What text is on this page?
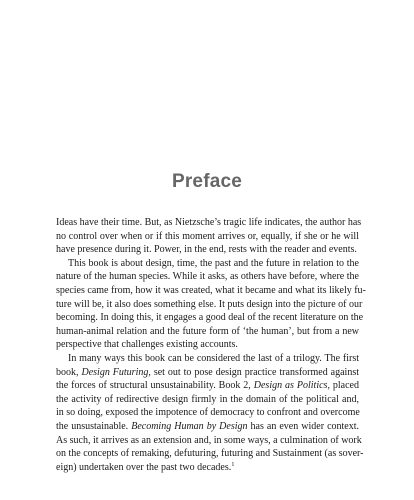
Preface
Ideas have their time. But, as Nietzsche’s tragic life indicates, the author has
no control over when or if this moment arrives or, equally, if she or he will
have presence during it. Power, in the end, rests with the reader and events.
This book is about design, time, the past and the future in relation to the
nature of the human species. While it asks, as others have before, where the
species came from, how it was created, what it became and what its likely fu-
ture will be, it also does something else. It puts design into the picture of our
becoming. In doing this, it engages a good deal of the recent literature on the
human-animal relation and the future form of ‘the human’, but from a new
perspective that challenges existing accounts.
In many ways this book can be considered the last of a trilogy. The first
book, Design Futuring, set out to pose design practice transformed against
the forces of structural unsustainability. Book 2, Design as Politics, placed
the activity of redirective design firmly in the domain of the political and,
in so doing, exposed the impotence of democracy to confront and overcome
the unsustainable. Becoming Human by Design has an even wider context.
As such, it arrives as an extension and, in some ways, a culmination of work
on the concepts of remaking, defuturing, futuring and Sustainment (as sover-
eign) undertaken over the past two decades.$^1$
